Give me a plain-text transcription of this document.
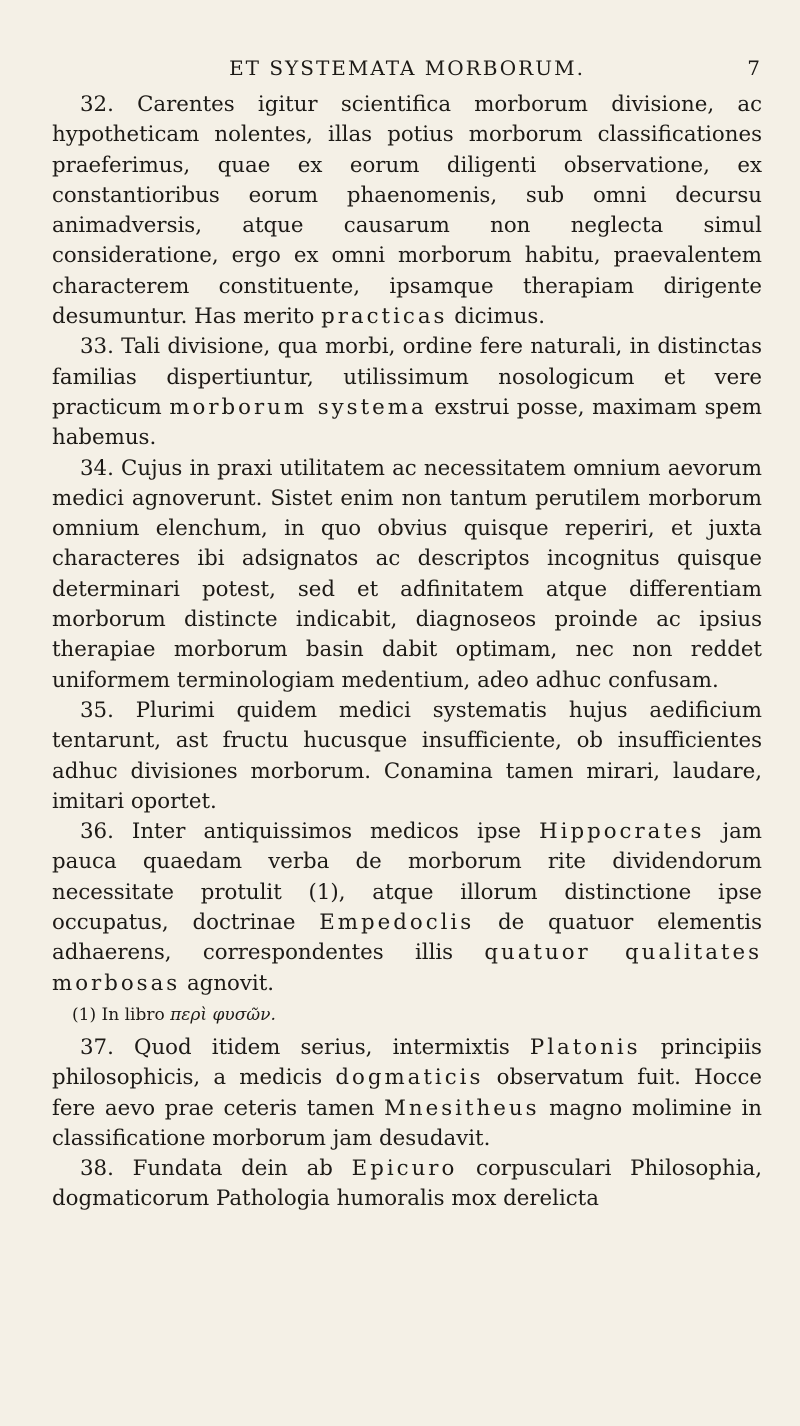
ET SYSTEMATA MORBORUM.	7

32. Carentes igitur scientifica morborum divisione, ac hypotheticam nolentes, illas potius morborum classificationes praeferimus, quae ex eorum diligenti observatione, ex constantioribus eorum phaenomenis, sub omni decursu animadversis, atque causarum non neglecta simul consideratione, ergo ex omni morborum habitu, praevalentem characterem constituente, ipsamque therapiam dirigente desumuntur. Has merito practicas dicimus.

33. Tali divisione, qua morbi, ordine fere naturali, in distinctas familias dispertiuntur, utilissimum nosologicum et vere practicum morborum systema exstrui posse, maximam spem habemus.

34. Cujus in praxi utilitatem ac necessitatem omnium aevorum medici agnoverunt. Sistet enim non tantum perutilem morborum omnium elenchum, in quo obvius quisque reperiri, et juxta characteres ibi adsignatos ac descriptos incognitus quisque determinari potest, sed et adfinitatem atque differentiam morborum distincte indicabit, diagnoseos proinde ac ipsius therapiae morborum basin dabit optimam, nec non reddet uniformem terminologiam medentium, adeo adhuc confusam.

35. Plurimi quidem medici systematis hujus aedificium tentarunt, ast fructu hucusque insufficiente, ob insufficientes adhuc divisiones morborum. Conamina tamen mirari, laudare, imitari oportet.

36. Inter antiquissimos medicos ipse Hippocrates jam pauca quaedam verba de morborum rite dividendorum necessitate protulit (1), atque illorum distinctione ipse occupatus, doctrinae Empedoclis de quatuor elementis adhaerens, correspondentes illis quatuor qualitates morbosas agnovit.

(1) In libro περὶ φυσῶν.

37. Quod itidem serius, intermixtis Platonis principiis philosophicis, a medicis dogmaticis observatum fuit. Hocce fere aevo prae ceteris tamen Mnesitheus magno molimine in classificatione morborum jam desudavit.

38. Fundata dein ab Epicuro corpusculari Philosophia, dogmaticorum Pathologia humoralis mox derelicta
